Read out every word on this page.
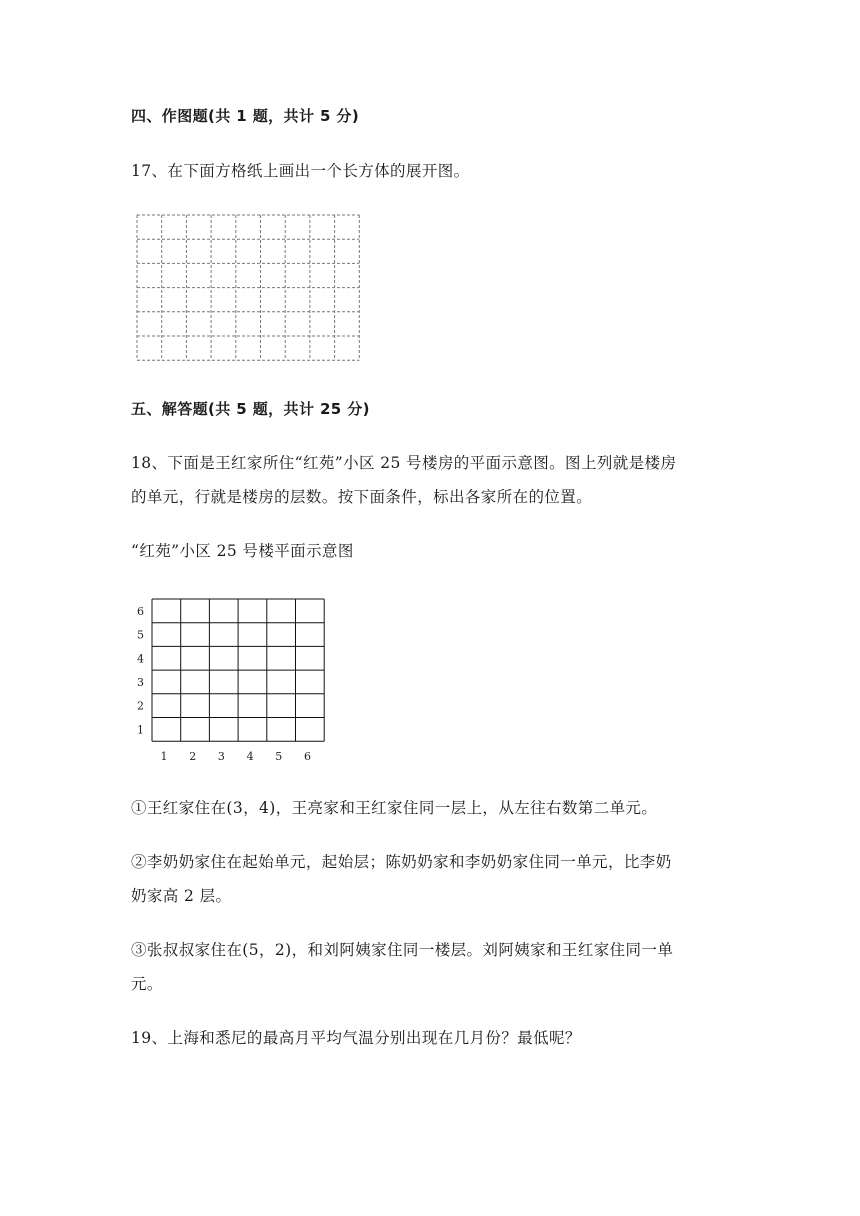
四、作图题(共 1 题，共计 5 分)

17、在下面方格纸上画出一个长方体的展开图。

五、解答题(共 5 题，共计 25 分)

18、下面是王红家所住“红苑”小区 25 号楼房的平面示意图。图上列就是楼房

的单元，行就是楼房的层数。按下面条件，标出各家所在的位置。

“红苑”小区 25 号楼平面示意图

6
5
4
3
2
1
1 2 3 4 5 6

①王红家住在(3，4)，王亮家和王红家住同一层上，从左往右数第二单元。

②李奶奶家住在起始单元，起始层；陈奶奶家和李奶奶家住同一单元，比李奶

奶家高 2 层。

③张叔叔家住在(5，2)，和刘阿姨家住同一楼层。刘阿姨家和王红家住同一单

元。

19、上海和悉尼的最高月平均气温分别出现在几月份？最低呢？
